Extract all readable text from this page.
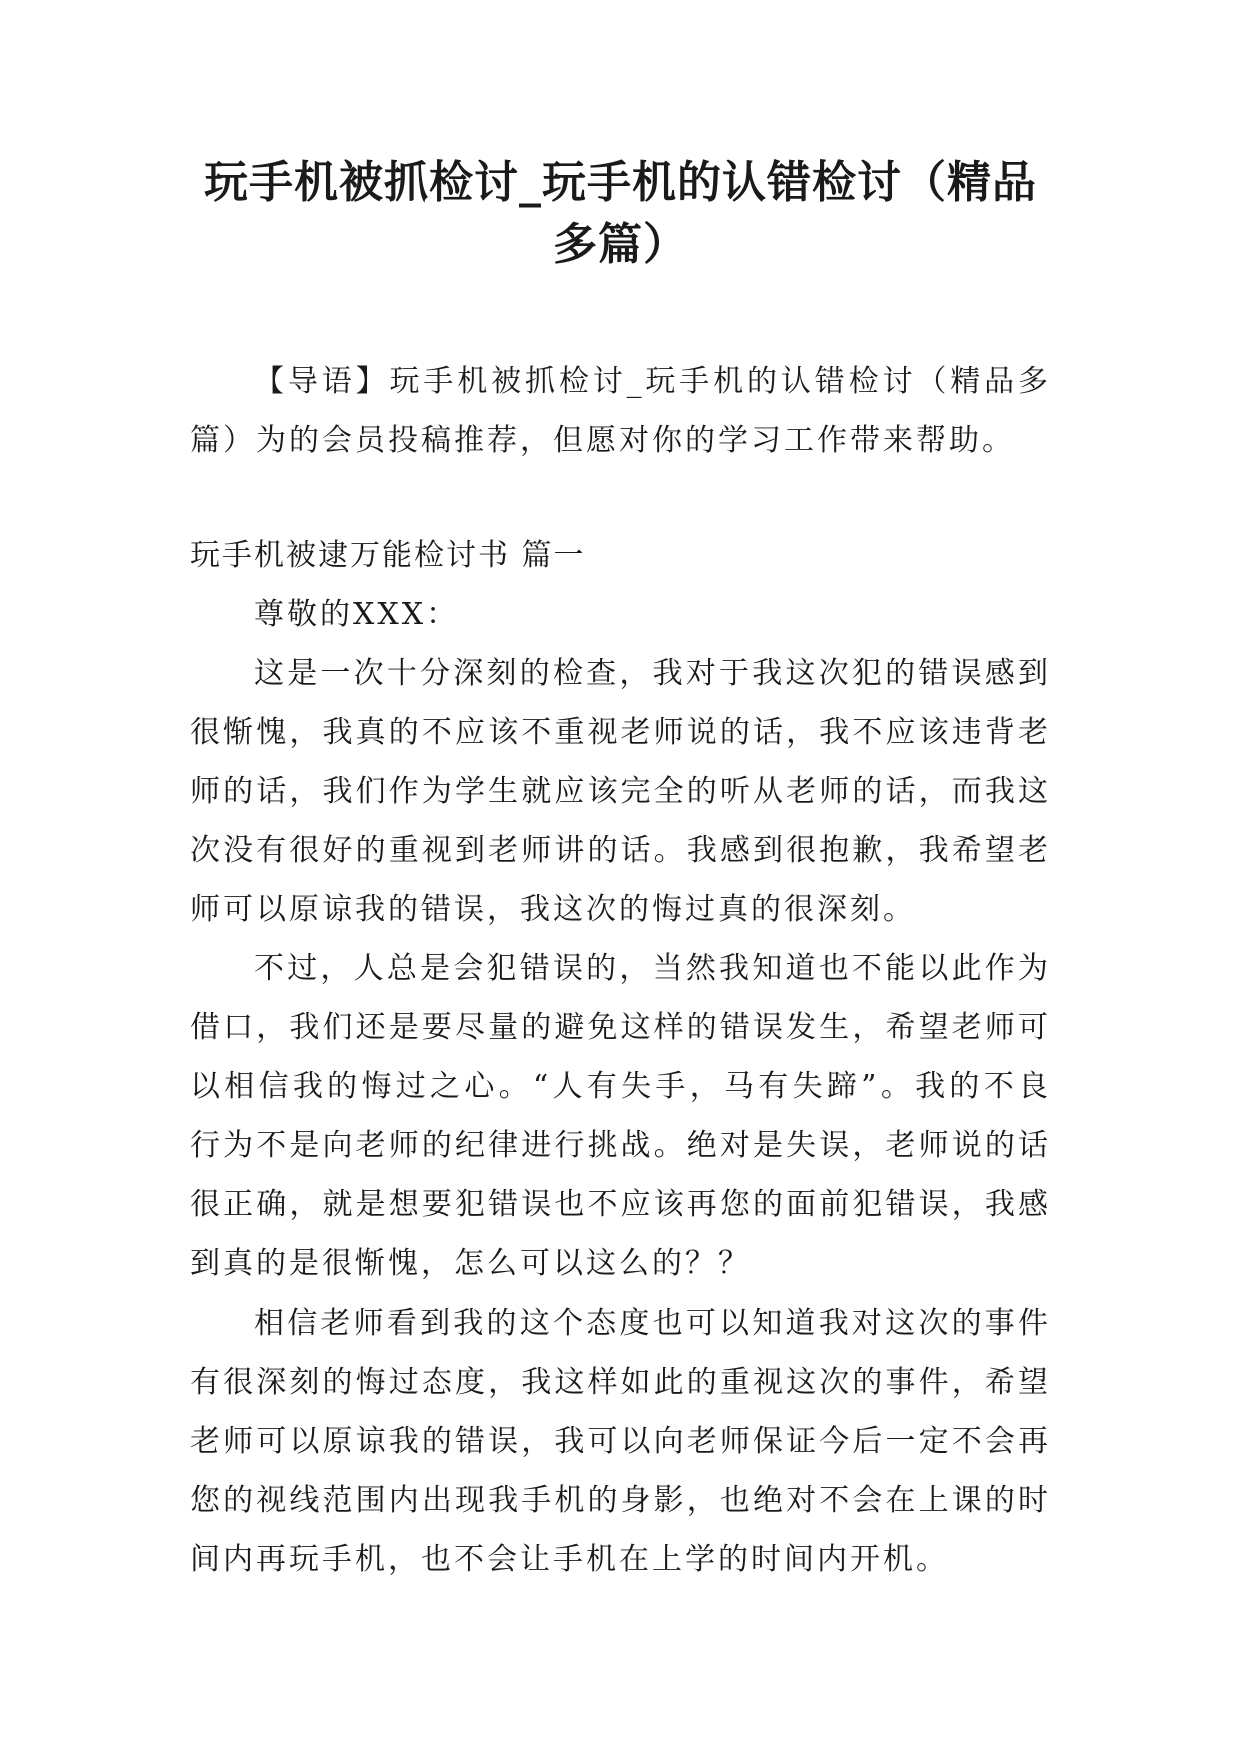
玩手机被抓检讨_玩手机的认错检讨（精品多篇）

【导语】玩手机被抓检讨_玩手机的认错检讨（精品多篇）为的会员投稿推荐，但愿对你的学习工作带来帮助。

玩手机被逮万能检讨书 篇一

尊敬的XXX：

这是一次十分深刻的检查，我对于我这次犯的错误感到很惭愧，我真的不应该不重视老师说的话，我不应该违背老师的话，我们作为学生就应该完全的听从老师的话，而我这次没有很好的重视到老师讲的话。我感到很抱歉，我希望老师可以原谅我的错误，我这次的悔过真的很深刻。

不过，人总是会犯错误的，当然我知道也不能以此作为借口，我们还是要尽量的避免这样的错误发生，希望老师可以相信我的悔过之心。“人有失手，马有失蹄”。我的不良行为不是向老师的纪律进行挑战。绝对是失误，老师说的话很正确，就是想要犯错误也不应该再您的面前犯错误，我感到真的是很惭愧，怎么可以这么的？？

相信老师看到我的这个态度也可以知道我对这次的事件有很深刻的悔过态度，我这样如此的重视这次的事件，希望老师可以原谅我的错误，我可以向老师保证今后一定不会再您的视线范围内出现我手机的身影，也绝对不会在上课的时间内再玩手机，也不会让手机在上学的时间内开机。
